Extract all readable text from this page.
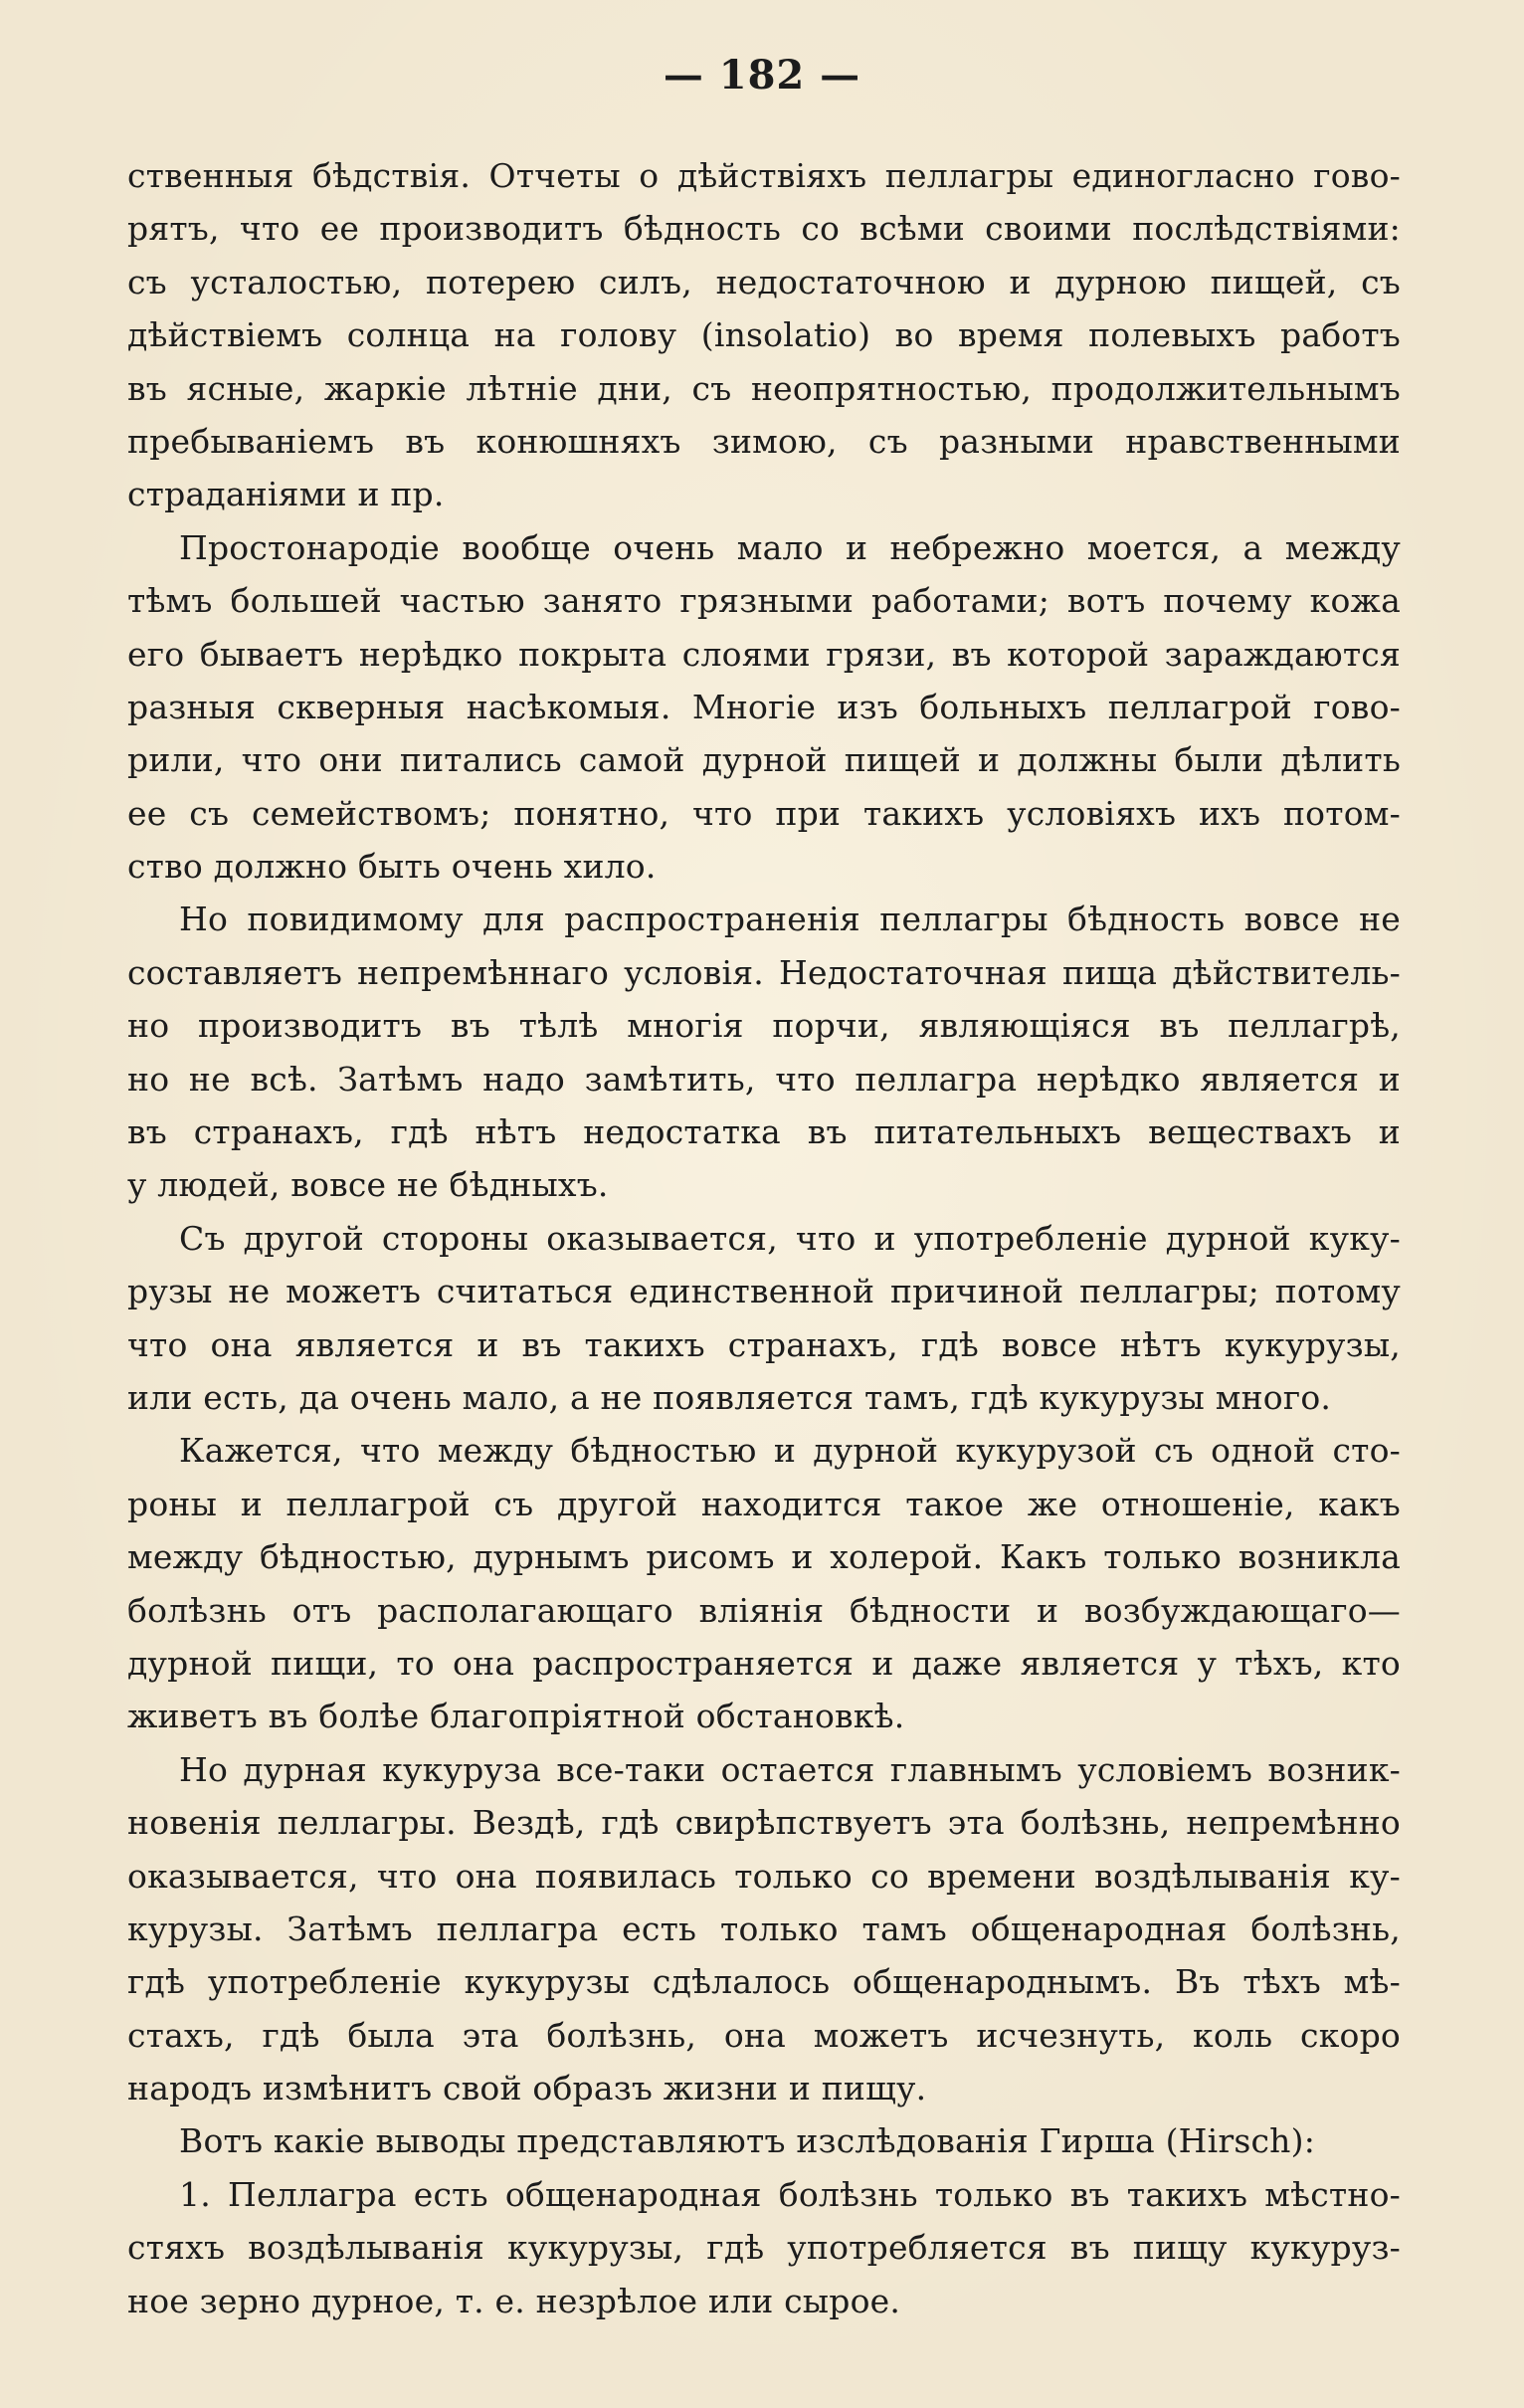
— 182 —
ственныя бѣдствія. Отчеты о дѣйствіяхъ пеллагры единогласно гово-
рятъ, что ее производитъ бѣдность со всѣми своими послѣдствіями:
съ усталостью, потерею силъ, недостаточною и дурною пищей, съ
дѣйствіемъ солнца на голову (insolatio) во время полевыхъ работъ
въ ясные, жаркіе лѣтніе дни, съ неопрятностью, продолжительнымъ
пребываніемъ въ конюшняхъ зимою, съ разными нравственными
страданіями и пр.
Простонародіе вообще очень мало и небрежно моется, а между
тѣмъ большей частью занято грязными работами; вотъ почему кожа
его бываетъ нерѣдко покрыта слоями грязи, въ которой зараждаются
разныя скверныя насѣкомыя. Многіе изъ больныхъ пеллагрой гово-
рили, что они питались самой дурной пищей и должны были дѣлить
ее съ семействомъ; понятно, что при такихъ условіяхъ ихъ потом-
ство должно быть очень хило.
Но повидимому для распространенія пеллагры бѣдность вовсе не
составляетъ непремѣннаго условія. Недостаточная пища дѣйствитель-
но производитъ въ тѣлѣ многія порчи, являющіяся въ пеллагрѣ,
но не всѣ. Затѣмъ надо замѣтить, что пеллагра нерѣдко является и
въ странахъ, гдѣ нѣтъ недостатка въ питательныхъ веществахъ и
у людей, вовсе не бѣдныхъ.
Съ другой стороны оказывается, что и употребленіе дурной куку-
рузы не можетъ считаться единственной причиной пеллагры; потому
что она является и въ такихъ странахъ, гдѣ вовсе нѣтъ кукурузы,
или есть, да очень мало, а не появляется тамъ, гдѣ кукурузы много.
Кажется, что между бѣдностью и дурной кукурузой съ одной сто-
роны и пеллагрой съ другой находится такое же отношеніе, какъ
между бѣдностью, дурнымъ рисомъ и холерой. Какъ только возникла
болѣзнь отъ располагающаго вліянія бѣдности и возбуждающаго—
дурной пищи, то она распространяется и даже является у тѣхъ, кто
живетъ въ болѣе благопріятной обстановкѣ.
Но дурная кукуруза все-таки остается главнымъ условіемъ возник-
новенія пеллагры. Вездѣ, гдѣ свирѣпствуетъ эта болѣзнь, непремѣнно
оказывается, что она появилась только со времени воздѣлыванія ку-
курузы. Затѣмъ пеллагра есть только тамъ общенародная болѣзнь,
гдѣ употребленіе кукурузы сдѣлалось общенароднымъ. Въ тѣхъ мѣ-
стахъ, гдѣ была эта болѣзнь, она можетъ исчезнуть, коль скоро
народъ измѣнитъ свой образъ жизни и пищу.
Вотъ какіе выводы представляютъ изслѣдованія Гирша (Hirsch):
1. Пеллагра есть общенародная болѣзнь только въ такихъ мѣстно-
стяхъ воздѣлыванія кукурузы, гдѣ употребляется въ пищу кукуруз-
ное зерно дурное, т. е. незрѣлое или сырое.
